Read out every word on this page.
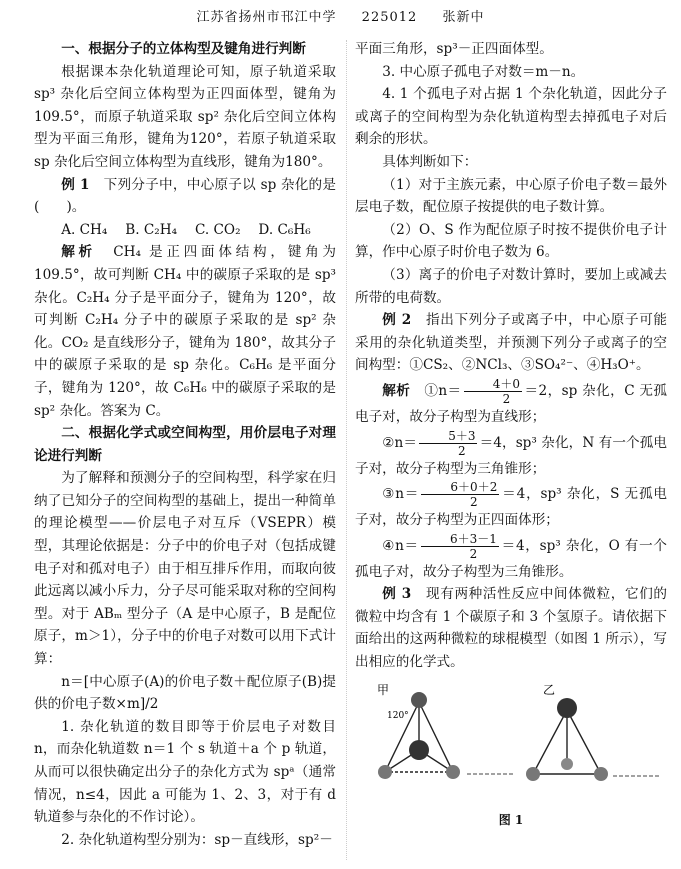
江苏省扬州市邗江中学 225012 张新中

一、根据分子的立体构型及键角进行判断

根据课本杂化轨道理论可知，原子轨道采取sp³ 杂化后空间立体构型为正四面体型，键角为109.5°，而原子轨道采取 sp² 杂化后空间立体构型为平面三角形，键角为120°，若原子轨道采取sp 杂化后空间立体构型为直线形，键角为180°。

例 1　 下列分子中，中心原子以 sp 杂化的是(　　)。

A. CH₄　 B. C₂H₄　 C. CO₂　 D. C₆H₆

解析　 CH₄ 是正四面体结构，键角为109.5°，故可判断 CH₄ 中的碳原子采取的是 sp³ 杂化。C₂H₄ 分子是平面分子，键角为 120°，故可判断 C₂H₄ 分子中的碳原子采取的是 sp² 杂化。CO₂ 是直线形分子，键角为 180°，故其分子中的碳原子采取的是 sp 杂化。C₆H₆ 是平面分子，键角为 120°，故 C₆H₆ 中的碳原子采取的是 sp² 杂化。答案为 C。

二、根据化学式或空间构型，用价层电子对理论进行判断

为了解释和预测分子的空间构型，科学家在归纳了已知分子的空间构型的基础上，提出一种简单的理论模型——价层电子对互斥（VSEPR）模型，其理论依据是：分子中的价电子对（包括成键电子对和孤对电子）由于相互排斥作用，而取向彼此远离以减小斥力，分子尽可能采取对称的空间构型。对于 ABₘ 型分子（A 是中心原子，B 是配位原子，m＞1），分子中的价电子对数可以用下式计算：

n＝[中心原子(A)的价电子数＋配位原子(B)提供的价电子数×m]/2

1. 杂化轨道的数目即等于价层电子对数目 n，而杂化轨道数 n＝1 个 s 轨道＋a 个 p 轨道，从而可以很快确定出分子的杂化方式为 spᵃ（通常情况，n≤4，因此 a 可能为 1、2、3，对于有 d 轨道参与杂化的不作讨论）。

2. 杂化轨道构型分别为：sp－直线形，sp²－

平面三角形，sp³－正四面体型。

3. 中心原子孤电子对数＝m－n。

4. 1 个孤电子对占据 1 个杂化轨道，因此分子或离子的空间构型为杂化轨道构型去掉孤电子对后剩余的形状。

具体判断如下：

（1）对于主族元素，中心原子价电子数＝最外层电子数，配位原子按提供的电子数计算。

（2）O、S 作为配位原子时按不提供价电子计算，作中心原子时价电子数为 6。

（3）离子的价电子对数计算时，要加上或减去所带的电荷数。

例 2　 指出下列分子或离子中，中心原子可能采用的杂化轨道类型，并预测下列分子或离子的空间构型：①CS₂、②NCl₃、③SO₄²⁻、④H₃O⁺。

解析　 ①n＝ $\frac{4+0}{2} =2$，sp 杂化，C 无孤电子对，故分子构型为直线形；

②n＝ $\frac{5+3}{2} =4$，sp³ 杂化，N 有一个孤电子对，故分子构型为三角锥形；

③n＝ $\frac{6+0+2}{2} =4$，sp³ 杂化，S 无孤电子对，故分子构型为正四面体形；

④n＝ $\frac{6+3-1}{2} =4$，sp³ 杂化，O 有一个孤电子对，故分子构型为三角锥形。

例 3　 现有两种活性反应中间体微粒，它们的微粒中均含有 1 个碳原子和 3 个氢原子。请依据下面给出的这两种微粒的球棍模型（如图 1 所示），写出相应的化学式。

甲	乙
120°
图 1
